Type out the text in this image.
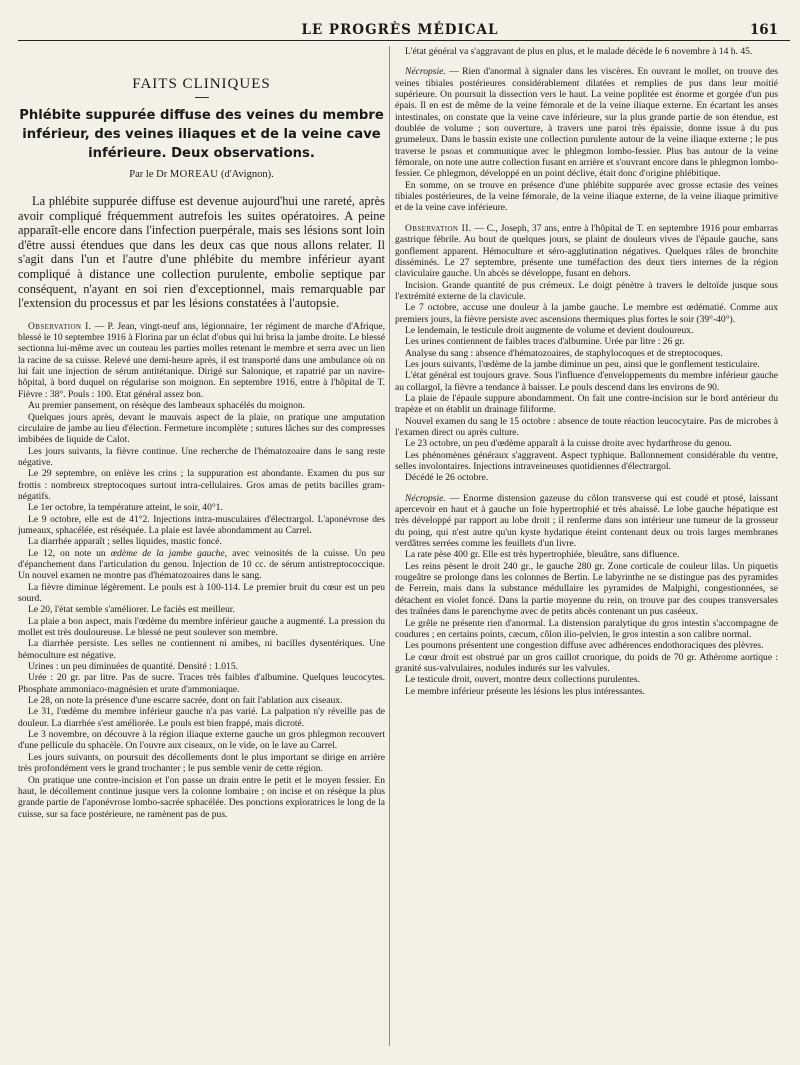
LE PROGRÈS MÉDICAL	161
FAITS CLINIQUES
Phlébite suppurée diffuse des veines du membre inférieur, des veines iliaques et de la veine cave inférieure. Deux observations.
Par le Dr MOREAU (d'Avignon).

La phlébite suppurée diffuse est devenue aujourd'hui une rareté, après avoir compliqué fréquemment autrefois les suites opératoires. A peine apparaît-elle encore dans l'infection puerpérale, mais ses lésions sont loin d'être aussi étendues que dans les deux cas que nous allons relater. Il s'agit dans l'un et l'autre d'une phlébite du membre inférieur ayant compliqué à distance une collection purulente, embolie septique par conséquent, n'ayant en soi rien d'exceptionnel, mais remarquable par l'extension du processus et par les lésions constatées à l'autopsie.

Observation I. — P. Jean, vingt-neuf ans, légionnaire, 1er régiment de marche d'Afrique, blessé le 10 septembre 1916 à Florina par un éclat d'obus qui lui brisa la jambe droite. Le blessé sectionna lui-même avec un couteau les parties molles retenant le membre et serra avec un lien la racine de sa cuisse. Relevé une demi-heure après, il est transporté dans une ambulance où on lui fait une injection de sérum antitétanique. Dirigé sur Salonique, et rapatrié par un navire-hôpital, à bord duquel on régularise son moignon. En septembre 1916, entre à l'hôpital de T. Fièvre : 38°. Pouls : 100. Etat général assez bon.

Au premier pansement, on résèque des lambeaux sphacélés du moignon.

Quelques jours après, devant le mauvais aspect de la plaie, on pratique une amputation circulaire de jambe au lieu d'élection. Fermeture incomplète ; sutures lâches sur des compresses imbibées de liquide de Calot.

Les jours suivants, la fièvre continue. Une recherche de l'hématozoaire dans le sang reste négative.

Le 29 septembre, on enlève les crins ; la suppuration est abondante. Examen du pus sur frottis : nombreux streptocoques surtout intra-cellulaires. Gros amas de petits bacilles gram-négatifs.

Le 1er octobre, la température atteint, le soir, 40°1.

Le 9 octobre, elle est de 41°2. Injections intra-musculaires d'électrargol. L'aponévrose des jumeaux, sphacélée, est réséquée. La plaie est lavée abondamment au Carrel.

La diarrhée apparaît ; selles liquides, mastic foncé.

Le 12, on note un œdème de la jambe gauche, avec veinosités de la cuisse. Un peu d'épanchement dans l'articulation du genou. Injection de 10 cc. de sérum antistreptococcique. Un nouvel examen ne montre pas d'hématozoaires dans le sang.

La fièvre diminue légèrement. Le pouls est à 100-114. Le premier bruit du cœur est un peu sourd.

Le 20, l'état semble s'améliorer. Le faciès est meilleur.

La plaie a bon aspect, mais l'œdème du membre inférieur gauche a augmenté. La pression du mollet est très douloureuse. Le blessé ne peut soulever son membre.

La diarrhée persiste. Les selles ne contiennent ni amibes, ni bacilles dysentériques. Une hémoculture est négative.

Urines : un peu diminuées de quantité. Densité : 1.015.

Urée : 20 gr. par litre. Pas de sucre. Traces très faibles d'albumine. Quelques leucocytes. Phosphate ammoniaco-magnésien et urate d'ammoniaque.

Le 28, on note la présence d'une escarre sacrée, dont on fait l'ablation aux ciseaux.

Le 31, l'œdème du membre inférieur gauche n'a pas varié. La palpation n'y réveille pas de douleur. La diarrhée s'est améliorée. Le pouls est bien frappé, mais dicroté.

Le 3 novembre, on découvre à la région iliaque externe gauche un gros phlegmon recouvert d'une pellicule du sphacèle. On l'ouvre aux ciseaux, on le vide, on le lave au Carrel.

Les jours suivants, on poursuit des décollements dont le plus important se dirige en arrière très profondément vers le grand trochanter ; le pus semble venir de cette région.

On pratique une contre-incision et l'on passe un drain entre le petit et le moyen fessier. En haut, le décollement continue jusque vers la colonne lombaire ; on incise et on résèque la plus grande partie de l'aponévrose lombo-sacrée sphacélée. Des ponctions exploratrices le long de la cuisse, sur sa face postérieure, ne ramènent pas de pus.

L'état général va s'aggravant de plus en plus, et le malade décède le 6 novembre à 14 h. 45.

Nécropsie. — Rien d'anormal à signaler dans les viscères. En ouvrant le mollet, on trouve des veines tibiales postérieures considérablement dilatées et remplies de pus dans leur moitié supérieure. On poursuit la dissection vers le haut. La veine poplitée est énorme et gorgée d'un pus épais. Il en est de même de la veine fémorale et de la veine iliaque externe. En écartant les anses intestinales, on constate que la veine cave inférieure, sur la plus grande partie de son étendue, est doublée de volume ; son ouverture, à travers une paroi très épaissie, donne issue à du pus grumeleux. Dans le bassin existe une collection purulente autour de la veine iliaque externe ; le pus traverse le psoas et communique avec le phlegmon lombo-fessier. Plus bas autour de la veine fémorale, on note une autre collection fusant en arrière et s'ouvrant encore dans le phlegmon lombo-fessier. Ce phlegmon, développé en un point déclive, était donc d'origine phlébitique.

En somme, on se trouve en présence d'une phlébite suppurée avec grosse ectasie des veines tibiales postérieures, de la veine fémorale, de la veine iliaque externe, de la veine iliaque primitive et de la veine cave inférieure.

Observation II. — C., Joseph, 37 ans, entre à l'hôpital de T. en septembre 1916 pour embarras gastrique fébrile. Au bout de quelques jours, se plaint de douleurs vives de l'épaule gauche, sans gonflement apparent. Hémoculture et séro-agglutination négatives. Quelques râles de bronchite disséminés. Le 27 septembre, présente une tuméfaction des deux tiers internes de la région claviculaire gauche. Un abcès se développe, fusant en dehors.

Incision. Grande quantité de pus crémeux. Le doigt pénètre à travers le deltoïde jusque sous l'extrémité externe de la clavicule.

Le 7 octobre, accuse une douleur à la jambe gauche. Le membre est œdématié. Comme aux premiers jours, la fièvre persiste avec ascensions thermiques plus fortes le soir (39°-40°).

Le lendemain, le testicule droit augmente de volume et devient douloureux.

Les urines contiennent de faibles traces d'albumine. Urée par litre : 26 gr.

Analyse du sang : absence d'hématozoaires, de staphylocoques et de streptocoques.

Les jours suivants, l'œdème de la jambe diminue un peu, ainsi que le gonflement testiculaire.

L'état général est toujours grave. Sous l'influence d'enveloppements du membre inférieur gauche au collargol, la fièvre a tendance à baisser. Le pouls descend dans les environs de 90.

La plaie de l'épaule suppure abondamment. On fait une contre-incision sur le bord antérieur du trapèze et on établit un drainage filiforme.

Nouvel examen du sang le 15 octobre : absence de toute réaction leucocytaire. Pas de microbes à l'examen direct ou après culture.

Le 23 octobre, un peu d'œdème apparaît à la cuisse droite avec hydarthrose du genou.

Les phénomènes généraux s'aggravent. Aspect typhique. Ballonnement considérable du ventre, selles involontaires. Injections intraveineuses quotidiennes d'électrargol.

Décédé le 26 octobre.

Nécropsie. — Enorme distension gazeuse du côlon transverse qui est coudé et ptosé, laissant apercevoir en haut et à gauche un foie hypertrophié et très abaissé. Le lobe gauche hépatique est très développé par rapport au lobe droit ; il renferme dans son intérieur une tumeur de la grosseur du poing, qui n'est autre qu'un kyste hydatique éteint contenant deux ou trois larges membranes verdâtres serrées comme les feuillets d'un livre.

La rate pèse 400 gr. Elle est très hypertrophiée, bleuâtre, sans difluence.

Les reins pèsent le droit 240 gr., le gauche 280 gr. Zone corticale de couleur lilas. Un piquetis rougeâtre se prolonge dans les colonnes de Bertin. Le labyrinthe ne se distingue pas des pyramides de Ferrein, mais dans la substance médullaire les pyramides de Malpighi, congestionnées, se détachent en violet foncé. Dans la partie moyenne du rein, on trouve par des coupes transversales des traînées dans le parenchyme avec de petits abcès contenant un pus caséeux.

Le grêle ne présente rien d'anormal. La distension paralytique du gros intestin s'accompagne de coudures ; en certains points, cæcum, côlon ilio-pelvien, le gros intestin a son calibre normal.

Les poumons présentent une congestion diffuse avec adhérences endothoraciques des plèvres.

Le cœur droit est obstrué par un gros caillot cruorique, du poids de 70 gr. Athérome aortique : granité sus-valvulaires, nodules indurés sur les valvules.

Le testicule droit, ouvert, montre deux collections purulentes.

Le membre inférieur présente les lésions les plus intéressantes.
